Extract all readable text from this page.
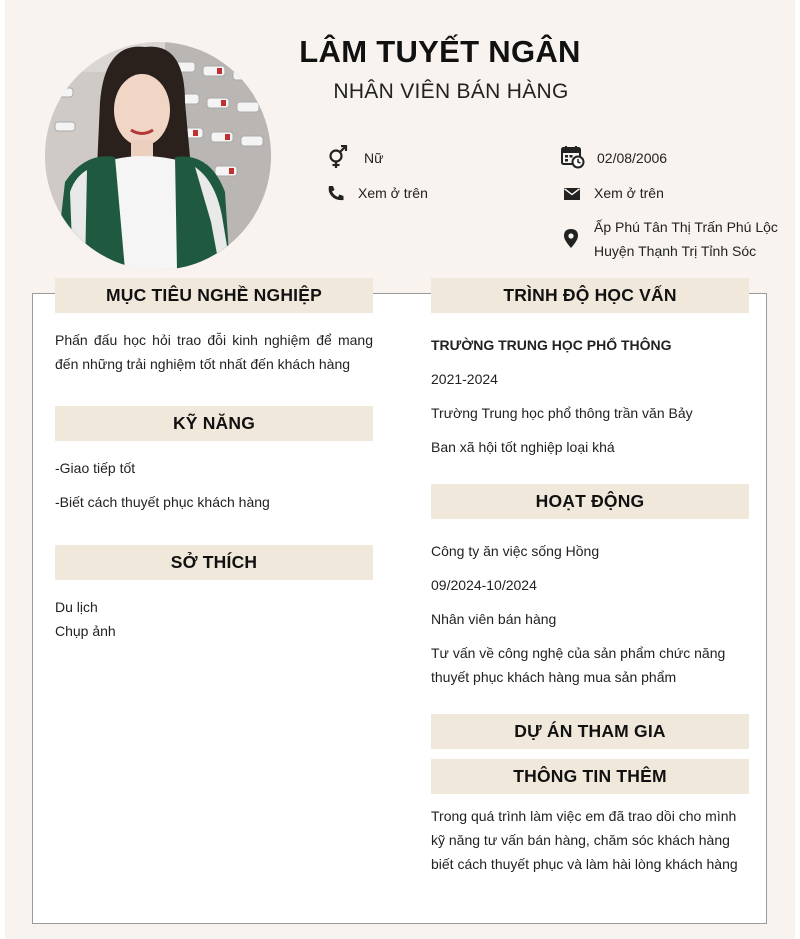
LÂM TUYẾT NGÂN
NHÂN VIÊN BÁN HÀNG
Nữ	02/08/2006
Xem ở trên	Xem ở trên
Ấp Phú Tân Thị Trấn Phú Lộc
Huyện Thạnh Trị Tỉnh Sóc
MỤC TIÊU NGHỀ NGHIỆP
Phấn đấu học hỏi trao đỗi kinh nghiệm để mang
đến những trải nghiệm tốt nhất đến khách hàng
KỸ NĂNG
-Giao tiếp tốt
-Biết cách thuyết phục khách hàng
SỞ THÍCH
Du lịch
Chụp ảnh
TRÌNH ĐỘ HỌC VẤN
TRƯỜNG TRUNG HỌC PHỔ THÔNG
2021-2024
Trường Trung học phổ thông trần văn Bảy
Ban xã hội tốt nghiệp loại khá
HOẠT ĐỘNG
Công ty ăn việc sống Hồng
09/2024-10/2024
Nhân viên bán hàng
Tư vấn về công nghệ của sản phẩm chức năng
thuyết phục khách hàng mua sản phẩm
DỰ ÁN THAM GIA
THÔNG TIN THÊM
Trong quá trình làm việc em đã trao dồi cho mình
kỹ năng tư vấn bán hàng, chăm sóc khách hàng
biết cách thuyết phục và làm hài lòng khách hàng
